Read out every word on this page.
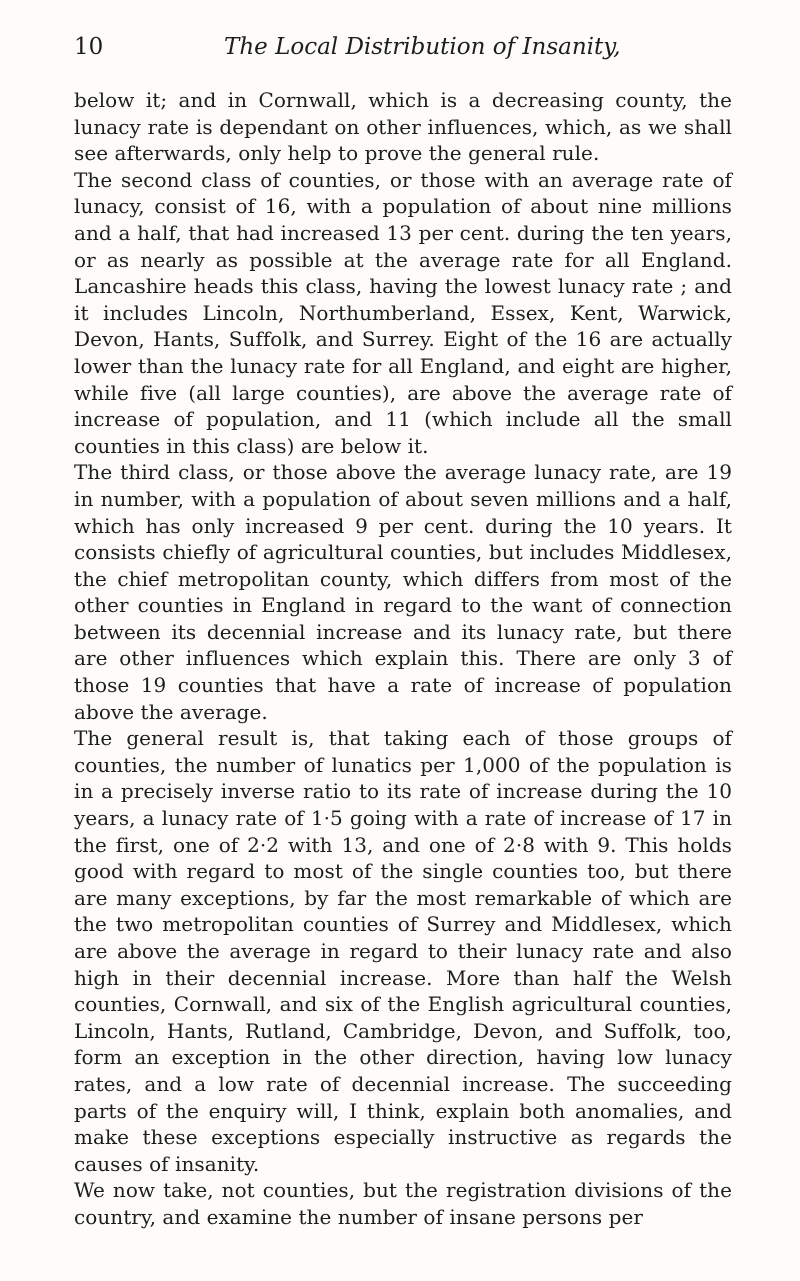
10	The Local Distribution of Insanity,

below it; and in Cornwall, which is a decreasing county, the lunacy rate is dependant on other influences, which, as we shall see afterwards, only help to prove the general rule.

The second class of counties, or those with an average rate of lunacy, consist of 16, with a population of about nine millions and a half, that had increased 13 per cent. during the ten years, or as nearly as possible at the average rate for all England. Lancashire heads this class, having the lowest lunacy rate ; and it includes Lincoln, Northumberland, Essex, Kent, Warwick, Devon, Hants, Suffolk, and Surrey. Eight of the 16 are actually lower than the lunacy rate for all England, and eight are higher, while five (all large counties), are above the average rate of increase of population, and 11 (which include all the small counties in this class) are below it.

The third class, or those above the average lunacy rate, are 19 in number, with a population of about seven millions and a half, which has only increased 9 per cent. during the 10 years. It consists chiefly of agricultural counties, but includes Middlesex, the chief metropolitan county, which differs from most of the other counties in England in regard to the want of connection between its decennial increase and its lunacy rate, but there are other influences which explain this. There are only 3 of those 19 counties that have a rate of increase of population above the average.

The general result is, that taking each of those groups of counties, the number of lunatics per 1,000 of the population is in a precisely inverse ratio to its rate of increase during the 10 years, a lunacy rate of 1·5 going with a rate of increase of 17 in the first, one of 2·2 with 13, and one of 2·8 with 9. This holds good with regard to most of the single counties too, but there are many exceptions, by far the most remarkable of which are the two metropolitan counties of Surrey and Middlesex, which are above the average in regard to their lunacy rate and also high in their decennial increase. More than half the Welsh counties, Cornwall, and six of the English agricultural counties, Lincoln, Hants, Rutland, Cambridge, Devon, and Suffolk, too, form an exception in the other direction, having low lunacy rates, and a low rate of decennial increase. The succeeding parts of the enquiry will, I think, explain both anomalies, and make these exceptions especially instructive as regards the causes of insanity.

We now take, not counties, but the registration divisions of the country, and examine the number of insane persons per
